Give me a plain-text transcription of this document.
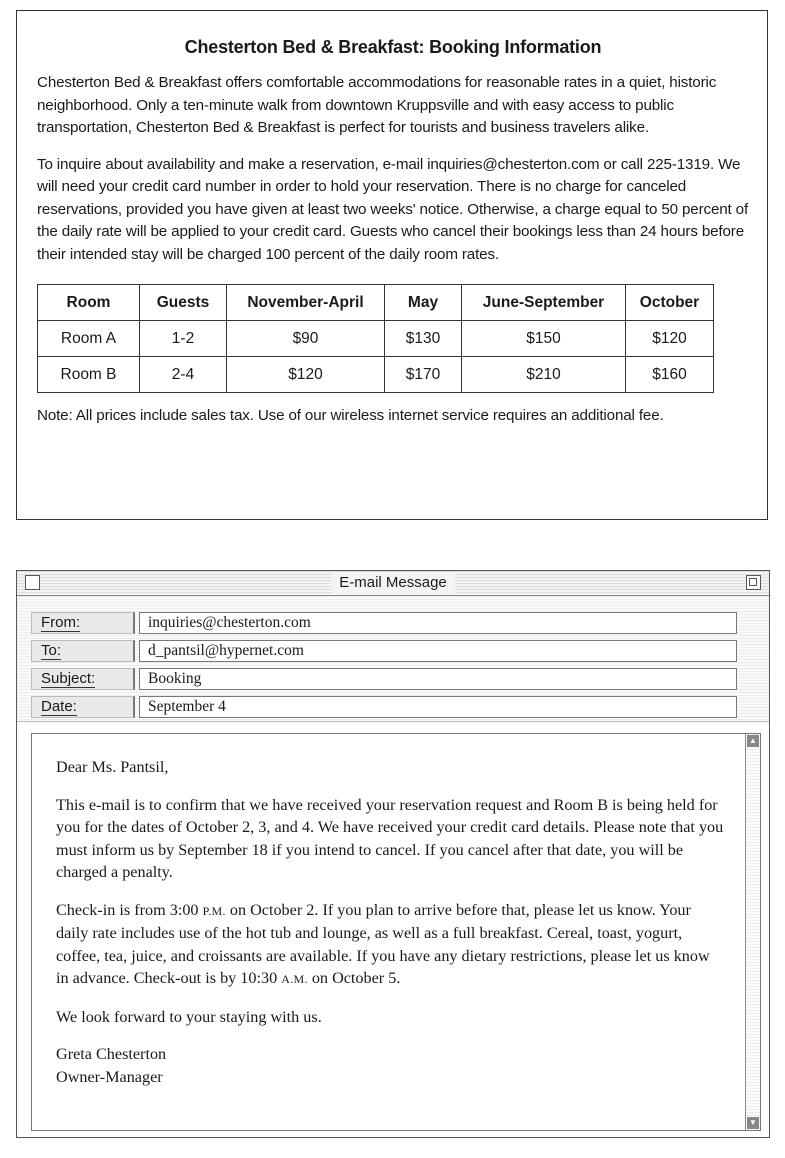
Chesterton Bed & Breakfast: Booking Information

Chesterton Bed & Breakfast offers comfortable accommodations for reasonable rates in a quiet, historic neighborhood. Only a ten-minute walk from downtown Kruppsville and with easy access to public transportation, Chesterton Bed & Breakfast is perfect for tourists and business travelers alike.

To inquire about availability and make a reservation, e-mail inquiries@chesterton.com or call 225-1319. We will need your credit card number in order to hold your reservation. There is no charge for canceled reservations, provided you have given at least two weeks' notice. Otherwise, a charge equal to 50 percent of the daily rate will be applied to your credit card. Guests who cancel their bookings less than 24 hours before their intended stay will be charged 100 percent of the daily room rates.

Room	Guests	November-April	May	June-September	October
Room A	1-2	$90	$130	$150	$120
Room B	2-4	$120	$170	$210	$160
Note: All prices include sales tax. Use of our wireless internet service requires an additional fee.
E-mail Message
From:	inquiries@chesterton.com
To:	d_pantsil@hypernet.com
Subject:	Booking
Date:	September 4

Dear Ms. Pantsil,

This e-mail is to confirm that we have received your reservation request and Room B is being held for you for the dates of October 2, 3, and 4. We have received your credit card details. Please note that you must inform us by September 18 if you intend to cancel. If you cancel after that date, you will be charged a penalty.

Check-in is from 3:00 P.M. on October 2. If you plan to arrive before that, please let us know. Your daily rate includes use of the hot tub and lounge, as well as a full breakfast. Cereal, toast, yogurt, coffee, tea, juice, and croissants are available. If you have any dietary restrictions, please let us know in advance. Check-out is by 10:30 A.M. on October 5.

We look forward to your staying with us.

Greta Chesterton
Owner-Manager
▲
▼
